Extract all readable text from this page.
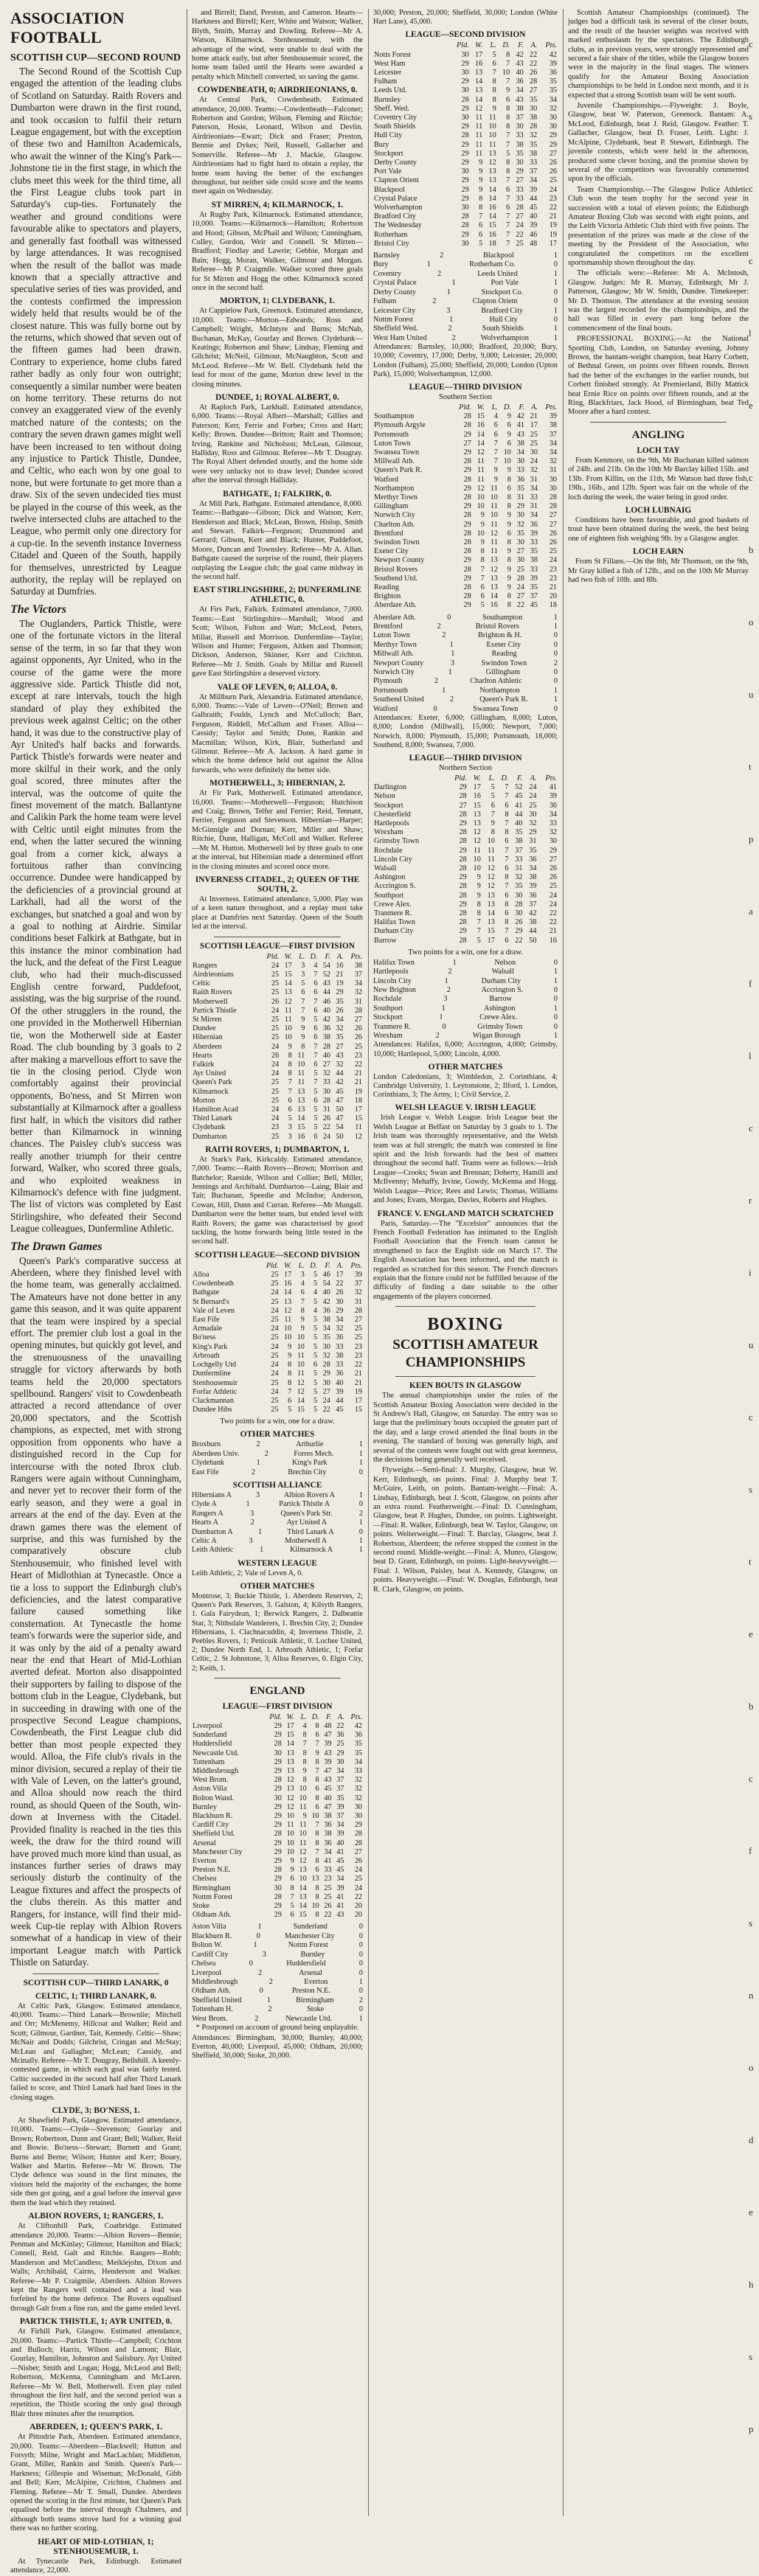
ASSOCIATION FOOTBALL
SCOTTISH CUP—SECOND ROUND

The Second Round of the Scottish Cup engaged the attention of the leading clubs of Scotland on Saturday. Raith Rovers and Dumbarton were drawn in the first round, and took occasion to fulfil their return League engagement, but with the exception of these two and Hamilton Academicals, who await the winner of the King's Park—Johnstone tie in the first stage, in which the clubs meet this week for the third time, all the First League clubs took part in Saturday's cup-ties. Fortunately the weather and ground conditions were favourable alike to spectators and players, and generally fast football was witnessed by large attendances. It was recognised when the result of the ballot was made known that a specially attractive and speculative series of ties was provided, and the contests confirmed the impression widely held that results would be of the closest nature. This was fully borne out by the returns, which showed that seven out of the fifteen games had been drawn. Contrary to experience, home clubs fared rather badly as only four won outright; consequently a similar number were beaten on home territory. These returns do not convey an exaggerated view of the evenly matched nature of the contests; on the contrary the seven drawn games might well have been increased to ten without doing any injustice to Partick Thistle, Dundee, and Celtic, who each won by one goal to none, but were fortunate to get more than a draw. Six of the seven undecided ties must be played in the course of this week, as the twelve intersected clubs are attached to the League, who permit only one directory for a cup-tie. In the seventh instance Inverness Citadel and Queen of the South, happily for themselves, unrestricted by League authority, the replay will be replayed on Saturday at Dumfries.

The Victors

The Ouglanders, Partick Thistle, were one of the fortunate victors in the literal sense of the term, in so far that they won against opponents, Ayr United, who in the course of the game were the more aggressive side. Partick Thistle did not, except at rare intervals, touch the high standard of play they exhibited the previous week against Celtic; on the other hand, it was due to the constructive play of Ayr United's half backs and forwards. Partick Thistle's forwards were neater and more skilful in their work, and the only goal scored, three minutes after the interval, was the outcome of quite the finest movement of the match. Ballantyne and Calikin Park the home team were level with Celtic until eight minutes from the end, when the latter secured the winning goal from a corner kick, always a fortuitous rather than convincing occurrence. Dundee were handicapped by the deficiencies of a provincial ground at Larkhall, had all the worst of the exchanges, but snatched a goal and won by a goal to nothing at Airdrie. Similar conditions beset Falkirk at Bathgate, but in this instance the minor combination had the luck, and the defeat of the First League club, who had their much-discussed English centre forward, Puddefoot, assisting, was the big surprise of the round. Of the other strugglers in the round, the one provided in the Motherwell Hibernian tie, won the Motherwell side at Easter Road. The club bounding by 3 goals to 2 after making a marvellous effort to save the tie in the closing period. Clyde won comfortably against their provincial opponents, Bo'ness, and St Mirren won substantially at Kilmarnock after a goalless first half, in which the visitors did rather better than Kilmarnock in winning chances. The Paisley club's success was really another triumph for their centre forward, Walker, who scored three goals, and who exploited weakness in Kilmarnock's defence with fine judgment. The list of victors was completed by East Stirlingshire, who defeated their Second League colleagues, Dunfermline Athletic.

The Drawn Games

Queen's Park's comparative success at Aberdeen, where they finished level with the home team, was generally acclaimed. The Amateurs have not done better in any game this season, and it was quite apparent that the team were inspired by a special effort. The premier club lost a goal in the opening minutes, but quickly got level, and the strenuousness of the unavailing struggle for victory afterwards by both teams held the 20,000 spectators spellbound. Rangers' visit to Cowdenbeath attracted a record attendance of over 20,000 spectators, and the Scottish champions, as expected, met with strong opposition from opponents who have a distinguished record in the Cup for intercourse with the noted Ibrox club. Rangers were again without Cunningham, and never yet to recover their form of the early season, and they were a goal in arrears at the end of the day. Even at the drawn games there was the element of surprise, and this was furnished by the comparatively obscure club Stenhousemuir, who finished level with Heart of Midlothian at Tynecastle. Once a tie a loss to support the Edinburgh club's deficiencies, and the latest comparative failure caused something like consternation. At Tynecastle the home team's forwards were the superior side, and it was only by the aid of a penalty award near the end that Heart of Mid-Lothian averted defeat. Morton also disappointed their supporters by failing to dispose of the bottom club in the League, Clydebank, but in succeeding in drawing with one of the prospective Second League champions, Cowdenbeath, the First League club did better than most people expected they would. Alloa, the Fife club's rivals in the minor division, secured a replay of their tie with Vale of Leven, on the latter's ground, and Alloa should now reach the third round, as should Queen of the South, win-down at Inverness with the Citadel. Provided finality is reached in the ties this week, the draw for the third round will have proved much more kind than usual, as instances further series of draws may seriously disturb the continuity of the League fixtures and affect the prospects of the clubs therein. As this matter and Rangers, for instance, will find their mid-week Cup-tie replay with Albion Rovers somewhat of a handicap in view of their important League match with Partick Thistle on Saturday.

SCOTTISH CUP—THIRD LANARK, 0
CELTIC, 1; THIRD LANARK, 0.
At Celtic Park, Glasgow. Estimated attendance, 40,000. Teams:—Third Lanark—Brownlie; Mitchell and Orr; McMenemy, Hillcoat and Walker; Reid and Scott; Gilmour, Gardner, Tait, Kennedy. Celtic—Shaw; McNair and Dodds; Gilchrist, Cringan and McStay; McLean and Gallagher; McLean; Cassidy, and Mcinally. Referee—Mr T. Dougray, Bellshill. A keenly-contested game, in which each goal was fairly tested. Celtic succeeded in the second half after Third Lanark failed to score, and Third Lanark had hard lines in the closing stages.
CLYDE, 3; BO'NESS, 1.
At Shawfield Park, Glasgow. Estimated attendance, 10,000. Teams:—Clyde—Stevenson; Gourlay and Brown; Robertson, Dunn and Grant; Bell; Walker, Reid and Bowie. Bo'ness—Stewart; Burnett and Grant; Burns and Berne; Wilson; Hunter and Kerr; Bouey, Walker and Martin. Referee—Mr W. Brown. The Clyde defence was sound in the first minutes, the visitors held the majority of the exchanges; the home side then got going, and a goal before the interval gave them the lead which they retained.
ALBION ROVERS, 1; RANGERS, 1.
At Cliftonhill Park, Coatbridge. Estimated attendance 20,000. Teams:—Albion Rovers—Bennie; Penman and McKinlay; Gilmour, Hamilton and Black; Connell, Reid, Galt and Ritchie. Rangers—Robb; Manderson and McCandless; Meiklejohn, Dixon and Walls; Archibald, Cairns, Henderson and Walker. Referee—Mr P. Craigmile, Aberdeen. Albion Rovers kept the Rangers well contained and a lead was forfeited by the home defence. The Rovers equalised through Galt from a fine run, and the game ended level.
PARTICK THISTLE, 1; AYR UNITED, 0.
At Firhill Park, Glasgow. Estimated attendance, 20,000. Teams:—Partick Thistle—Campbell; Crichton and Bulloch; Harris, Wilson and Lamont; Blair, Gourlay, Hamilton, Johnston and Salisbury. Ayr United—Nisbet; Smith and Logan; Hogg, McLeod and Bell; Robertson, McKenna, Cunningham and McLaren. Referee—Mr W. Bell, Motherwell. Even play ruled throughout the first half, and the second period was a repetition, the Thistle scoring the only goal through Blair three minutes after the resumption.
ABERDEEN, 1; QUEEN'S PARK, 1.
At Pittodrie Park, Aberdeen. Estimated attendance, 20,000. Teams:—Aberdeen—Blackwell; Hutton and Forsyth; Milne, Wright and MacLachlan; Middleton, Grant, Miller, Rankin and Smith. Queen's Park—Harkness; Gillespie and Wiseman; McDonald, Gibb and Bell; Kerr, McAlpine, Crichton, Chalmers and Fleming. Referee—Mr T. Small, Dundee. Aberdeen opened the scoring in the first minute, but Queen's Park equalised before the interval through Chalmers, and although both teams strove hard for a winning goal there was no further scoring.
HEART OF MID-LOTHIAN, 1; STENHOUSEMUIR, 1.
At Tynecastle Park, Edinburgh. Estimated attendance, 22,000.

and Birrell; Dand, Preston, and Cameron. Hearts—Harkness and Birrell; Kerr, White and Watson; Walker, Blyth, Smith, Murray and Dowling. Referee—Mr A. Watson, Kilmarnock. Stenhousemuir, with the advantage of the wind, were unable to deal with the home attack early, but after Stenhousemuir scored, the home team failed until the Hearts were awarded a penalty which Mitchell converted, so saving the game.

COWDENBEATH, 0; AIRDRIEONIANS, 0.
At Central Park, Cowdenbeath. Estimated attendance, 20,000. Teams:—Cowdenbeath—Falconer; Robertson and Gordon; Wilson, Fleming and Ritchie; Paterson, Hosie, Leonard, Wilson and Devlin. Airdrieonians—Ewart; Dick and Fraser; Preston, Bennie and Dykes; Neil, Russell, Gallacher and Somerville. Referee—Mr J. Mackie, Glasgow. Airdrieonians had to fight hard to obtain a replay, the home team having the better of the exchanges throughout, but neither side could score and the teams meet again on Wednesday.
ST MIRREN, 4; KILMARNOCK, 1.
At Rugby Park, Kilmarnock. Estimated attendance, 10,000. Teams:—Kilmarnock—Hamilton; Robertson and Hood; Gibson, McPhail and Wilson; Cunningham, Culley, Gordon, Weir and Connell. St Mirren—Bradford; Findlay and Lawrie; Gebbie, Morgan and Bain; Hogg, Moran, Walker, Gilmour and Morgan. Referee—Mr P. Craigmile. Walker scored three goals for St Mirren and Hogg the other. Kilmarnock scored once in the second half.
MORTON, 1; CLYDEBANK, 1.
At Cappielow Park, Greenock. Estimated attendance, 10,000. Teams:—Morton—Edwards; Ross and Campbell; Wright, McIntyre and Burns; McNab, Buchanan, McKay, Gourlay and Brown. Clydebank—Keatings; Robertson and Shaw; Lindsay, Fleming and Gilchrist; McNeil, Gilmour, McNaughton, Scott and McLeod. Referee—Mr W. Bell. Clydebank held the lead for most of the game, Morton drew level in the closing minutes.
DUNDEE, 1; ROYAL ALBERT, 0.
At Raploch Park, Larkhall. Estimated attendance, 6,000. Teams:—Royal Albert—Marshall; Gillies and Paterson; Kerr, Ferrie and Forbes; Cross and Hart; Kelly; Brown. Dundee—Britton; Raitt and Thomson; Irving, Rankine and Nicholson; McLean, Gilmour, Halliday, Ross and Gilmour. Referee—Mr T. Dougray. The Royal Albert defended stoutly, and the home side were very unlucky not to draw level; Dundee scored after the interval through Halliday.
BATHGATE, 1; FALKIRK, 0.
At Mill Park, Bathgate. Estimated attendance, 8,000. Teams:—Bathgate—Gibson; Dick and Watson; Kerr, Henderson and Black; McLean, Brown, Hislop, Smith and Stewart. Falkirk—Ferguson; Drummond and Gerrard; Gibson, Kerr and Black; Hunter, Puddefoot, Moore, Duncan and Townsley. Referee—Mr A. Allan. Bathgate caused the surprise of the round, their players outplaying the League club; the goal came midway in the second half.
EAST STIRLINGSHIRE, 2; DUNFERMLINE ATHLETIC, 0.
At Firs Park, Falkirk. Estimated attendance, 7,000. Teams:—East Stirlingshire—Marshall; Wood and Scott; Wilson, Fulton and Watt; McLeod, Peters, Millar, Russell and Morrison. Dunfermline—Taylor; Wilson and Hunter; Ferguson, Aitken and Thomson; Dickson, Anderson, Skinner, Kerr and Crichton. Referee—Mr J. Smith. Goals by Millar and Russell gave East Stirlingshire a deserved victory.
VALE OF LEVEN, 0; ALLOA, 0.
At Millburn Park, Alexandria. Estimated attendance, 6,000. Teams:—Vale of Leven—O'Neil; Brown and Galbraith; Foulds, Lynch and McCulloch; Barr, Ferguson, Riddell, McCallum and Fraser. Alloa—Cassidy; Taylor and Smith; Dunn, Rankin and Macmillan; Wilson, Kirk, Blair, Sutherland and Gilmour. Referee—Mr A. Jackson. A hard game in which the home defence held out against the Alloa forwards, who were definitely the better side.
MOTHERWELL, 3; HIBERNIAN, 2.
At Fir Park, Motherwell. Estimated attendance, 16,000. Teams:—Motherwell—Ferguson; Hutchison and Craig; Brown, Telfer and Ferrier; Reid, Tennant, Ferrier, Ferguson and Stevenson. Hibernian—Harper; McGinnigle and Dornan; Kerr, Miller and Shaw; Ritchie, Dunn, Halligan, McColl and Walker. Referee—Mr M. Hutton. Motherwell led by three goals to one at the interval, but Hibernian made a determined effort in the closing minutes and scored once more.
INVERNESS CITADEL, 2; QUEEN OF THE SOUTH, 2.
At Inverness. Estimated attendance, 5,000. Play was of a keen nature throughout, and a replay must take place at Dumfries next Saturday. Queen of the South led at the interval.
SCOTTISH LEAGUE—FIRST DIVISION
	Pld.	W.	L.	D.	F.	A.	Pts.
Rangers	24	17	3	4	54	16	38
Airdrieonians	25	15	3	7	52	21	37
Celtic	25	14	5	6	43	19	34
Raith Rovers	25	13	6	6	44	29	32
Motherwell	26	12	7	7	46	35	31
Partick Thistle	24	11	7	6	40	26	28
St Mirren	25	11	9	5	42	34	27
Dundee	25	10	9	6	36	32	26
Hibernian	25	10	9	6	38	35	26
Aberdeen	24	9	8	7	28	27	25
Hearts	26	8	11	7	40	43	23
Falkirk	24	8	10	6	27	32	22
Ayr United	24	8	11	5	32	44	21
Queen's Park	25	7	11	7	33	42	21
Kilmarnock	25	7	13	5	30	45	19
Morton	25	6	13	6	28	47	18
Hamilton Acad	24	6	13	5	31	50	17
Third Lanark	24	5	14	5	26	47	15
Clydebank	23	3	15	5	22	54	11
Dumbarton	25	3	16	6	24	50	12
RAITH ROVERS, 1; DUMBARTON, 1.
At Stark's Park, Kirkcaldy. Estimated attendance, 7,000. Teams:—Raith Rovers—Brown; Morrison and Batchelor; Raeside, Wilson and Collier; Bell, Miller, Jennings and Archibald. Dumbarton—Laing; Blair and Tait; Buchanan, Speedie and McIndoe; Anderson, Cowan, Hill, Dunn and Curran. Referee—Mr Mungall. Dumbarton were the better team, but ended level with Raith Rovers; the game was characterised by good tackling, the home forwards being little tested in the second half.
SCOTTISH LEAGUE—SECOND DIVISION
	Pld.	W.	L.	D.	F.	A.	Pts.
Alloa	25	17	3	5	46	17	39
Cowdenbeath	25	16	4	5	54	22	37
Bathgate	24	14	6	4	40	26	32
St Bernard's	25	13	7	5	42	30	31
Vale of Leven	24	12	8	4	36	29	28
East Fife	25	11	9	5	38	34	27
Armadale	24	10	9	5	34	32	25
Bo'ness	25	10	10	5	35	36	25
King's Park	24	9	10	5	30	33	23
Arbroath	25	9	11	5	32	38	23
Lochgelly Utd	24	8	10	6	28	33	22
Dunfermline	24	8	11	5	29	36	21
Stenhousemuir	25	8	12	5	30	40	21
Forfar Athletic	24	7	12	5	27	39	19
Clackmannan	25	6	14	5	24	44	17
Dundee Hibs	25	5	15	5	22	45	15
Two points for a win, one for a draw.
OTHER MATCHES
Broxburn	2	Arthurlie	1
Aberdeen Univ.	2	Forres Mech.	1
Clydebank	1	King's Park	1
East Fife	2	Brechin City	0
SCOTTISH ALLIANCE
Hibernians A	3	Albion Rovers A	1
Clyde A	1	Partick Thistle A	0
Rangers A	3	Queen's Park Str.	2
Hearts A	2	Ayr United A	1
Dumbarton A	1	Third Lanark A	0
Celtic A	3	Motherwell A	1
Leith Athletic	1	Kilmarnock A	1
WESTERN LEAGUE
Leith Athletic, 2; Vale of Leven A, 0.
OTHER MATCHES
Montrose, 3; Buckie Thistle, 1. Aberdeen Reserves, 2; Queen's Park Reserves, 3. Galston, 4; Kilsyth Rangers, 1. Gala Fairydean, 1; Berwick Rangers, 2. Dalbeattie Star, 3; Nithsdale Wanderers, 1. Brechin City, 2; Dundee Hibernians, 1. Clachnacuddin, 4; Inverness Thistle, 2. Peebles Rovers, 1; Penicuik Athletic, 0. Lochee United, 2; Dundee North End, 1. Arbroath Athletic, 1; Forfar Celtic, 2. St Johnstone, 3; Alloa Reserves, 0. Elgin City, 2; Keith, 1.
ENGLAND
LEAGUE—FIRST DIVISION
	Pld.	W.	L.	D.	F.	A.	Pts.
Liverpool	29	17	4	8	48	22	42
Sunderland	29	15	8	6	47	36	36
Huddersfield	28	14	7	7	39	25	35
Newcastle Utd.	30	13	8	9	43	29	35
Tottenham	29	13	8	8	39	30	34
Middlesbrough	29	13	9	7	47	34	33
West Brom.	28	12	8	8	43	37	32
Aston Villa	29	13	10	6	45	37	32
Bolton Wand.	30	12	10	8	40	35	32
Burnley	29	12	11	6	47	39	30
Blackburn R.	29	10	9	10	38	37	30
Cardiff City	29	11	11	7	36	34	29
Sheffield Utd.	28	10	10	8	38	39	28
Arsenal	29	10	11	8	36	40	28
Manchester City	29	10	12	7	34	41	27
Everton	29	9	12	8	41	45	26
Preston N.E.	28	9	13	6	33	45	24
Chelsea	29	6	10	13	23	34	25
Birmingham	30	8	14	8	25	39	24
Nottm Forest	28	7	13	8	25	41	22
Stoke	29	5	14	10	26	41	20
Oldham Ath.	29	6	15	8	22	43	20
Aston Villa	1	Sunderland	0
Blackburn R.	0	Manchester City	0
Bolton W.	1	Nottm Forest	0
Cardiff City	3	Burnley	0
Chelsea	0	Huddersfield	0
Liverpool	2	Arsenal	0
Middlesbrough	2	Everton	1
Oldham Ath.	0	Preston N.E.	0
Sheffield United	1	Birmingham	2
Tottenham H.	2	Stoke	0
West Brom.	2	Newcastle Utd.	1
* Postponed on account of ground being unplayable.
Attendances: Birmingham, 30,000; Burnley, 40,000; Everton, 40,000; Liverpool, 45,000; Oldham, 20,000; Sheffield, 30,000; Stoke, 20,000.
30,000; Preston, 20,000; Sheffield, 30,000; London (White Hart Lane), 45,000.
LEAGUE—SECOND DIVISION
	Pld.	W.	L.	D.	F.	A.	Pts.
Notts Forest	30	17	5	8	42	22	42
West Ham	29	16	6	7	43	22	39
Leicester	30	13	7	10	40	26	36
Fulham	29	14	8	7	36	28	35
Leeds Utd.	30	13	8	9	34	27	35
Barnsley	28	14	8	6	43	35	34
Sheff. Wed.	29	12	9	8	38	30	32
Coventry City	30	11	11	8	37	38	30
South Shields	29	11	10	8	30	28	30
Hull City	28	11	10	7	33	32	29
Bury	29	11	11	7	38	35	29
Stockport	29	11	13	5	35	38	27
Derby County	29	9	12	8	30	33	26
Port Vale	30	9	13	8	29	37	26
Clapton Orient	29	9	13	7	27	34	25
Blackpool	29	9	14	6	33	39	24
Crystal Palace	29	8	14	7	33	44	23
Wolverhampton	30	8	16	6	28	45	22
Bradford City	28	7	14	7	27	40	21
The Wednesday	28	6	15	7	24	39	19
Rotherham	29	6	16	7	22	46	19
Bristol City	30	5	18	7	25	48	17
Barnsley	2	Blackpool	1
Bury	1	Rotherham Co.	0
Coventry	2	Leeds United	1
Crystal Palace	1	Port Vale	1
Derby County	1	Stockport Co.	0
Fulham	2	Clapton Orient	0
Leicester City	3	Bradford City	1
Nottm Forest	1	Hull City	0
Sheffield Wed.	2	South Shields	1
West Ham United	2	Wolverhampton	1
Attendances: Barnsley, 10,000; Bradford, 20,000; Bury, 10,000; Coventry, 17,000; Derby, 9,000; Leicester, 20,000; London (Fulham), 25,000; Sheffield, 20,000; London (Upton Park), 15,000; Wolverhampton, 12,000.
LEAGUE—THIRD DIVISION
Southern Section
	Pld.	W.	L.	D.	F.	A.	Pts.
Southampton	28	15	4	9	42	21	39
Plymouth Argyle	28	16	6	6	41	17	38
Portsmouth	29	14	6	9	43	25	37
Luton Town	27	14	7	6	38	25	34
Swansea Town	29	12	7	10	34	30	34
Millwall Ath.	28	11	7	10	30	24	32
Queen's Park R.	29	11	9	9	33	32	31
Watford	28	11	9	8	36	31	30
Northampton	29	12	11	6	35	34	30
Merthyr Town	28	10	10	8	31	33	28
Gillingham	29	10	11	8	29	31	28
Norwich City	28	9	10	9	30	34	27
Charlton Ath.	29	9	11	9	32	36	27
Brentford	28	10	12	6	35	39	26
Swindon Town	28	9	11	8	30	33	26
Exeter City	28	8	11	9	27	35	25
Newport County	29	8	13	8	30	38	24
Bristol Rovers	28	7	12	9	25	33	23
Southend Utd.	29	7	13	9	28	39	23
Reading	28	6	13	9	24	35	21
Brighton	28	6	14	8	27	37	20
Aberdare Ath.	29	5	16	8	22	45	18
Aberdare Ath.	0	Southampton	1
Brentford	2	Bristol Rovers	1
Luton Town	2	Brighton & H.	0
Merthyr Town	1	Exeter City	0
Millwall Ath.	1	Reading	0
Newport County	3	Swindon Town	2
Norwich City	1	Gillingham	0
Plymouth	2	Charlton Athletic	0
Portsmouth	1	Northampton	1
Southend United	2	Queen's Park R.	1
Watford	0	Swansea Town	0
Attendances: Exeter, 6,000; Gillingham, 8,000; Luton, 8,000; London (Millwall), 15,000; Newport, 7,000; Norwich, 8,000; Plymouth, 15,000; Portsmouth, 18,000; Southend, 8,000; Swansea, 7,000.
LEAGUE—THIRD DIVISION
Northern Section
	Pld.	W.	L.	D.	F.	A.	Pts.
Darlington	29	17	5	7	52	24	41
Nelson	28	16	5	7	45	24	39
Stockport	27	15	6	6	41	25	36
Chesterfield	28	13	7	8	44	30	34
Hartlepools	29	13	9	7	40	32	33
Wrexham	28	12	8	8	35	29	32
Grimsby Town	28	12	10	6	38	31	30
Rochdale	29	11	11	7	37	35	29
Lincoln City	28	10	11	7	33	36	27
Walsall	28	10	12	6	31	34	26
Ashington	29	9	12	8	32	38	26
Accrington S.	28	9	12	7	35	39	25
Southport	28	9	13	6	30	36	24
Crewe Alex.	29	8	13	8	28	37	24
Tranmere R.	28	8	14	6	30	42	22
Halifax Town	28	7	13	8	26	38	22
Durham City	29	7	15	7	29	44	21
Barrow	28	5	17	6	22	50	16
Two points for a win, one for a draw.
Halifax Town	1	Nelson	0
Hartlepools	2	Walsall	1
Lincoln City	1	Durham City	1
New Brighton	2	Accrington S.	0
Rochdale	3	Barrow	0
Southport	1	Ashington	1
Stockport	1	Crewe Alex.	0
Tranmere R.	0	Grimsby Town	0
Wrexham	2	Wigan Borough	1
Attendances: Halifax, 6,000; Accrington, 4,000; Grimsby, 10,000; Hartlepool, 5,000; Lincoln, 4,000.
OTHER MATCHES
London Caledonians, 3; Wimbledon, 2. Corinthians, 4; Cambridge University, 1. Leytonstone, 2; Ilford, 1. London, Corinthians, 3; The Army, 1; Civil Service, 2.
WELSH LEAGUE V. IRISH LEAGUE
Irish League v. Welsh League. Irish League beat the Welsh League at Belfast on Saturday by 3 goals to 1. The Irish team was thoroughly representative, and the Welsh team was at full strength; the match was contested in fine spirit and the Irish forwards had the best of matters throughout the second half. Teams were as follows:—Irish League—Crooks; Swan and Brennan; Doherty, Hamill and McIlvenny; Mehaffy, Irvine, Gowdy, McKenna and Hogg. Welsh League—Price; Rees and Lewis; Thomas, Williams and Jones; Evans, Morgan, Davies, Roberts and Hughes.
FRANCE V. ENGLAND MATCH SCRATCHED
Paris, Saturday.—The "Excelsior" announces that the French Football Federation has intimated to the English Football Association that the French team cannot be strengthened to face the English side on March 17. The English Association has been informed, and the match is regarded as scratched for this season. The French directors explain that the fixture could not be fulfilled because of the difficulty of finding a date suitable to the other engagements of the players concerned.
BOXING
SCOTTISH AMATEUR CHAMPIONSHIPS
KEEN BOUTS IN GLASGOW

The annual championships under the rules of the Scottish Amateur Boxing Association were decided in the St Andrew's Hall, Glasgow, on Saturday. The entry was so large that the preliminary bouts occupied the greater part of the day, and a large crowd attended the final bouts in the evening. The standard of boxing was generally high, and several of the contests were fought out with great keenness, the decisions being generally well received.

Flyweight.—Semi-final: J. Murphy, Glasgow, beat W. Kerr, Edinburgh, on points. Final: J. Murphy beat T. McGuire, Leith, on points. Bantam-weight.—Final: A. Lindsay, Edinburgh, beat J. Scott, Glasgow, on points after an extra round. Featherweight.—Final: D. Cunningham, Glasgow, beat P. Hughes, Dundee, on points. Lightweight.—Final: R. Walker, Edinburgh, beat W. Taylor, Glasgow, on points. Welterweight.—Final: T. Barclay, Glasgow, beat J. Robertson, Aberdeen; the referee stopped the contest in the second round. Middle-weight.—Final: A. Munro, Glasgow, beat D. Grant, Edinburgh, on points. Light-heavyweight.—Final: J. Wilson, Paisley, beat A. Kennedy, Glasgow, on points. Heavyweight.—Final: W. Douglas, Edinburgh, beat R. Clark, Glasgow, on points.

Scottish Amateur Championships (continued). The judges had a difficult task in several of the closer bouts, and the result of the heavier weights was received with marked enthusiasm by the spectators. The Edinburgh clubs, as in previous years, were strongly represented and secured a fair share of the titles, while the Glasgow boxers were in the majority in the final stages. The winners qualify for the Amateur Boxing Association championships to be held in London next month, and it is expected that a strong Scottish team will be sent south.

Juvenile Championships.—Flyweight: J. Boyle, Glasgow, beat W. Paterson, Greenock. Bantam: A. McLeod, Edinburgh, beat J. Reid, Glasgow. Feather: T. Gallacher, Glasgow, beat D. Fraser, Leith. Light: J. McAlpine, Clydebank, beat P. Stewart, Edinburgh. The juvenile contests, which were held in the afternoon, produced some clever boxing, and the promise shown by several of the competitors was favourably commented upon by the officials.

Team Championship.—The Glasgow Police Athletic Club won the team trophy for the second year in succession with a total of eleven points; the Edinburgh Amateur Boxing Club was second with eight points, and the Leith Victoria Athletic Club third with five points. The presentation of the prizes was made at the close of the meeting by the President of the Association, who congratulated the competitors on the excellent sportsmanship shown throughout the day.

The officials were:—Referee: Mr A. McIntosh, Glasgow. Judges: Mr R. Murray, Edinburgh; Mr J. Patterson, Glasgow; Mr W. Smith, Dundee. Timekeeper: Mr D. Thomson. The attendance at the evening session was the largest recorded for the championships, and the hall was filled in every part long before the commencement of the final bouts.

PROFESSIONAL BOXING.—At the National Sporting Club, London, on Saturday evening, Johnny Brown, the bantam-weight champion, beat Harry Corbett, of Bethnal Green, on points over fifteen rounds. Brown had the better of the exchanges in the earlier rounds, but Corbett finished strongly. At Premierland, Billy Mattick beat Ernie Rice on points over fifteen rounds, and at the Ring, Blackfriars, Jack Hood, of Birmingham, beat Ted Moore after a hard contest.

ANGLING
LOCH TAY
From Kenmore, on the 9th, Mr Buchanan killed salmon of 24lb. and 21lb. On the 10th Mr Barclay killed 15lb. and 13lb. From Killin, on the 11th, Mr Watson had three fish, 19lb., 16lb., and 12lb. Sport was fair on the whole of the loch during the week, the water being in good order.
LOCH LUBNAIG
Conditions have been favourable, and good baskets of trout have been obtained during the week, the best being one of eighteen fish weighing 9lb. by a Glasgow angler.
LOCH EARN
From St Fillans.—On the 8th, Mr Thomson, on the 9th, Mr Gray killed a fish of 12lb., and on the 10th Mr Murray had two fish of 10lb. and 8lb.
c
s
c
c
l
e
c
b
o
u
t
p
a
f
l
c
r
i
u
c
s
t
e
b
c
f
s
n
o
d
e
h
s
p
